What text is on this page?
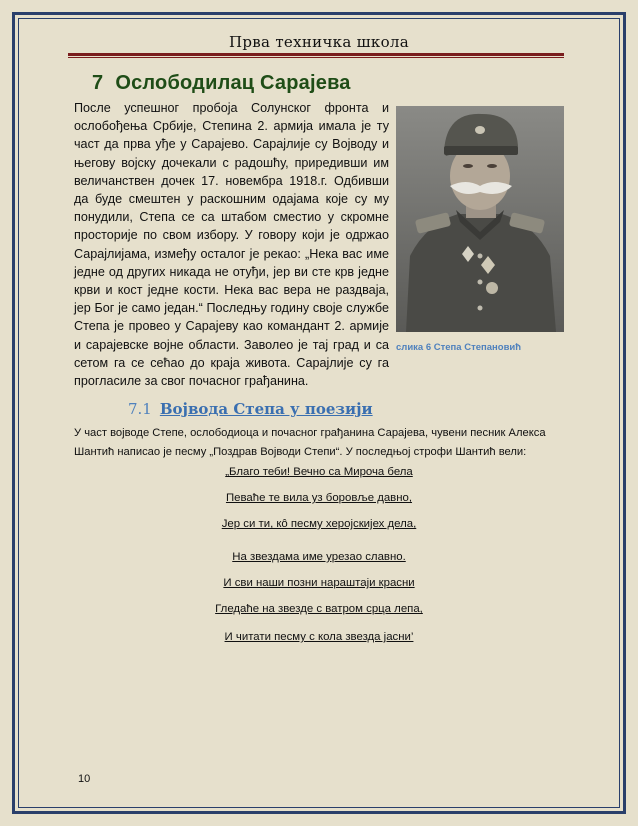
Прва техничка школа
7 Ослободилац Сарајева

После успешног пробоја Солунског фронта и ослобођења Србије, Степина 2. армија имала је ту част да прва уђе у Сарајево. Сарајлије су Војводу и његову војску дочекали с радошћу, приредивши им величанствен дочек 17. новембра 1918.г. Одбивши да буде смештен у раскошним одајама које су му понудили, Степа се са штабом сместио у скромне просторије по свом избору. У говору који је одржао Сарајлијама, између осталог је рекао: „Нека вас име једне од других никада не отуђи, јер ви сте крв једне крви и кост једне кости. Нека вас вера не раздваја, јер Бог је само један.“ Последњу годину своје службе Степа је провео у Сарајеву као командант 2. армије и сарајевске војне области. Заволео је тај град и са сетом га се сећао до краја живота. Сарајлије су га прогласиле за свог почасног грађанина.

слика 6 Степа Степановић
7.1 Војвода Степа у поезији

У част војводе Степе, ослободиоца и почасног грађанина Сарајева, чувени песник Алекса Шантић написао је песму „Поздрав Војводи Степи“. У последњој строфи Шантић вели:

„Благо теби! Вечно са Мироча бела
Певаће те вила уз боровље давно,
Јер си ти, кô песму херојскијех дела,
На звездама име урезао славно.
И сви наши позни нараштаји красни
Гледаће на звезде с ватром срца лепа,
И читати песму с кола звезда јасни’
10
